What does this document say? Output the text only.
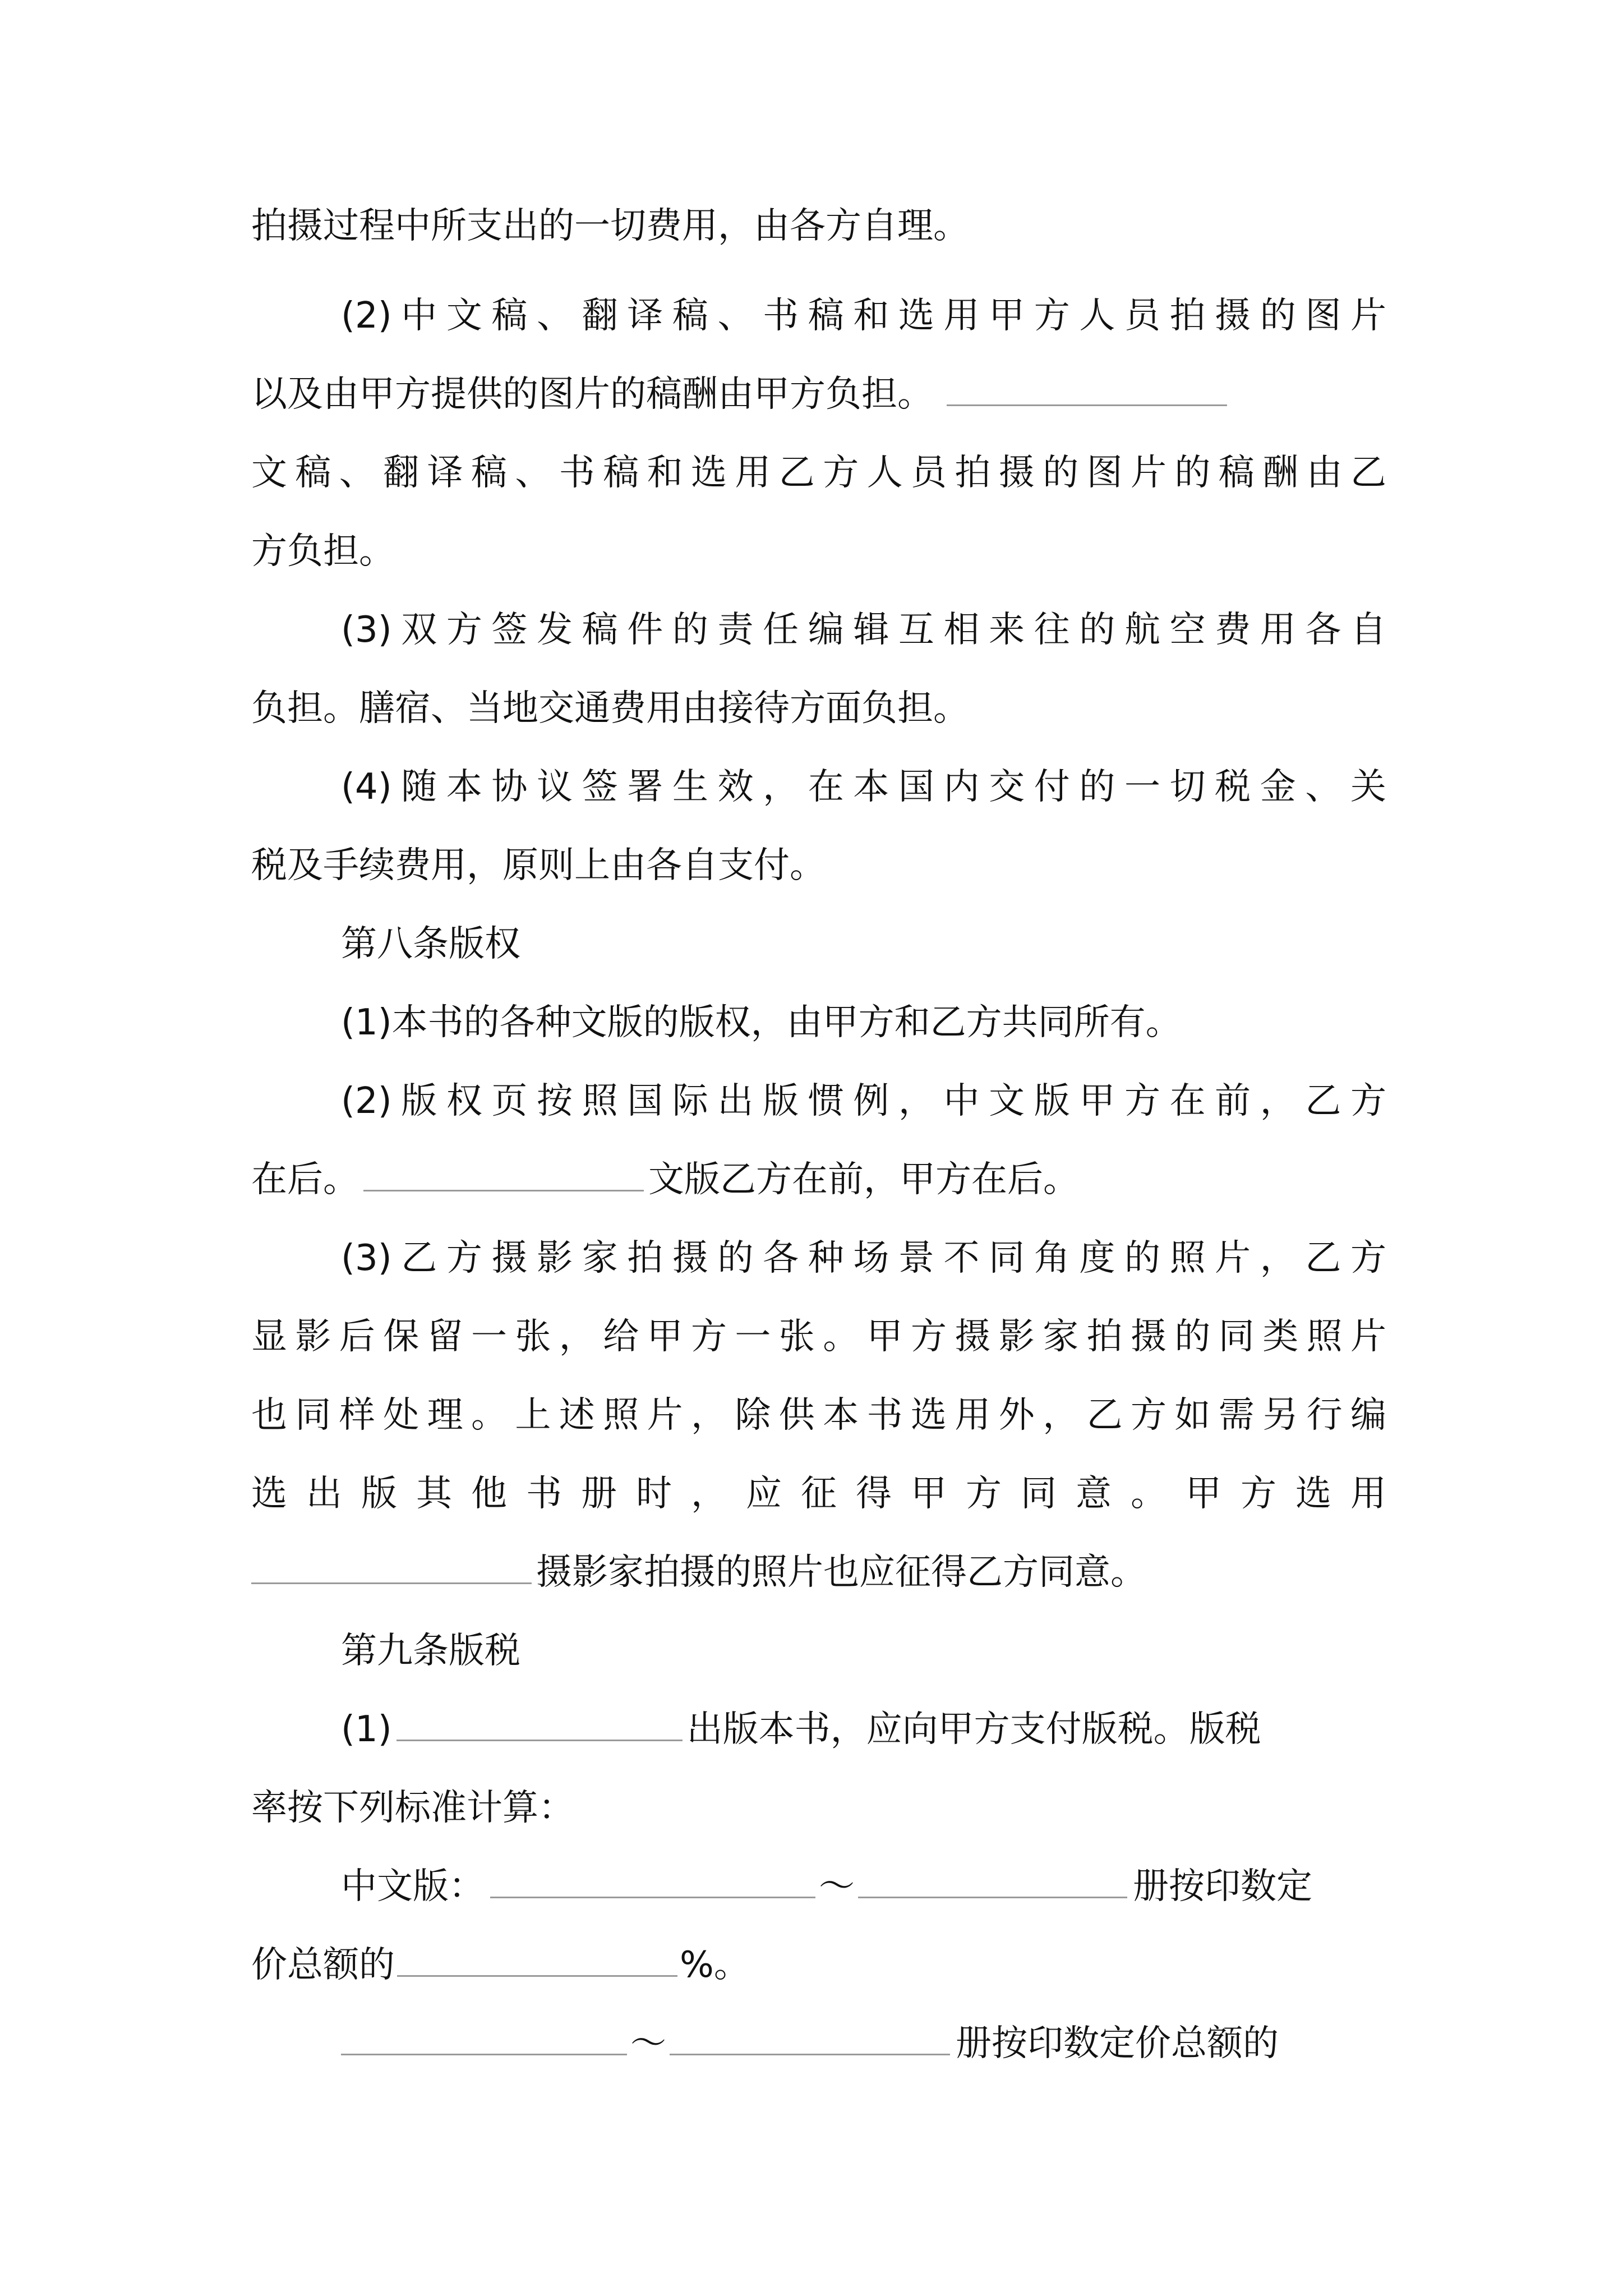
拍摄过程中所支出的一切费用，由各方自理。
(2)中文稿、翻译稿、书稿和选用甲方人员拍摄的图片
以及由甲方提供的图片的稿酬由甲方负担。
文稿、翻译稿、书稿和选用乙方人员拍摄的图片的稿酬由乙
方负担。
(3)双方签发稿件的责任编辑互相来往的航空费用各自
负担。膳宿、当地交通费用由接待方面负担。
(4)随本协议签署生效，在本国内交付的一切税金、关
税及手续费用，原则上由各自支付。
第八条版权
(1)本书的各种文版的版权，由甲方和乙方共同所有。
(2)版权页按照国际出版惯例，中文版甲方在前，乙方
在后。	文版乙方在前，甲方在后。
(3)乙方摄影家拍摄的各种场景不同角度的照片，乙方
显影后保留一张，给甲方一张。甲方摄影家拍摄的同类照片
也同样处理。上述照片，除供本书选用外，乙方如需另行编
选出版其他书册时，应征得甲方同意。甲方选用
摄影家拍摄的照片也应征得乙方同意。
第九条版税
(1)	出版本书，应向甲方支付版税。版税
率按下列标准计算：
中文版：	～	册按印数定
价总额的	%。
～	册按印数定价总额的
